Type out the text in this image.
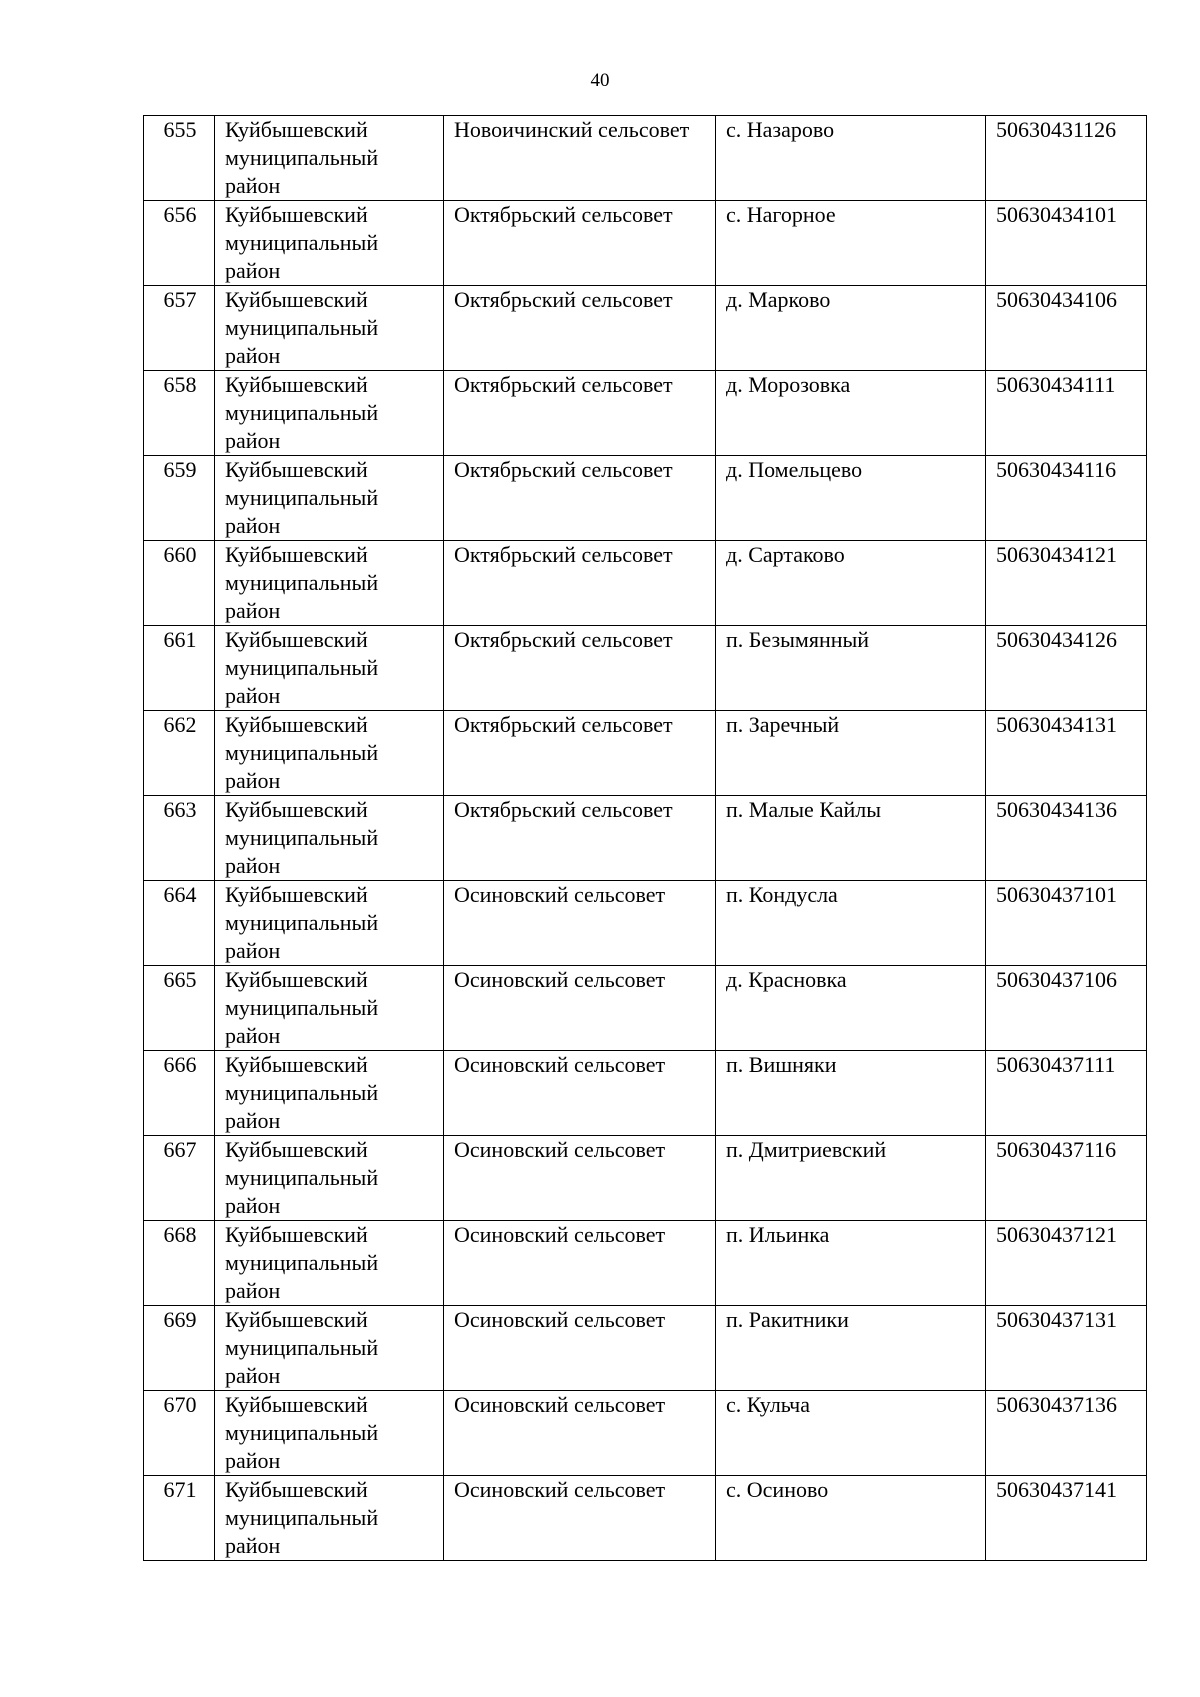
40
655	Куйбышевский муниципальный район	Новоичинский сельсовет	с. Назарово	50630431126
656	Куйбышевский муниципальный район	Октябрьский сельсовет	с. Нагорное	50630434101
657	Куйбышевский муниципальный район	Октябрьский сельсовет	д. Марково	50630434106
658	Куйбышевский муниципальный район	Октябрьский сельсовет	д. Морозовка	50630434111
659	Куйбышевский муниципальный район	Октябрьский сельсовет	д. Помельцево	50630434116
660	Куйбышевский муниципальный район	Октябрьский сельсовет	д. Сартаково	50630434121
661	Куйбышевский муниципальный район	Октябрьский сельсовет	п. Безымянный	50630434126
662	Куйбышевский муниципальный район	Октябрьский сельсовет	п. Заречный	50630434131
663	Куйбышевский муниципальный район	Октябрьский сельсовет	п. Малые Кайлы	50630434136
664	Куйбышевский муниципальный район	Осиновский сельсовет	п. Кондусла	50630437101
665	Куйбышевский муниципальный район	Осиновский сельсовет	д. Красновка	50630437106
666	Куйбышевский муниципальный район	Осиновский сельсовет	п. Вишняки	50630437111
667	Куйбышевский муниципальный район	Осиновский сельсовет	п. Дмитриевский	50630437116
668	Куйбышевский муниципальный район	Осиновский сельсовет	п. Ильинка	50630437121
669	Куйбышевский муниципальный район	Осиновский сельсовет	п. Ракитники	50630437131
670	Куйбышевский муниципальный район	Осиновский сельсовет	с. Кульча	50630437136
671	Куйбышевский муниципальный район	Осиновский сельсовет	с. Осиново	50630437141
